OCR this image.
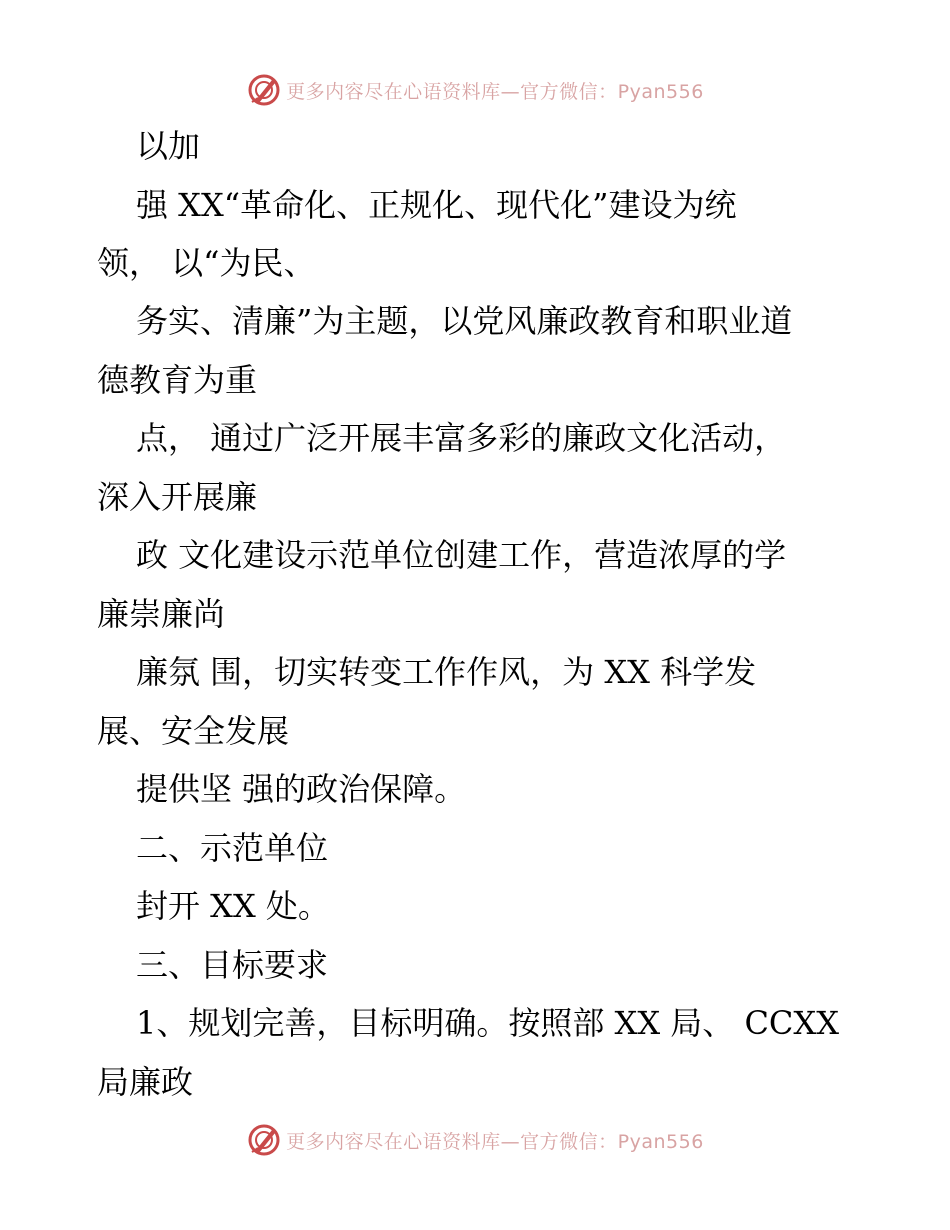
更多内容尽在心语资料库—官方微信：Pyan556
以加
强 XX“革命化、正规化、现代化”建设为统
领， 以“为民、
务实、清廉”为主题，以党风廉政教育和职业道
德教育为重
点， 通过广泛开展丰富多彩的廉政文化活动，
深入开展廉
政 文化建设示范单位创建工作，营造浓厚的学
廉崇廉尚
廉氛 围，切实转变工作作风，为 XX 科学发
展、安全发展
提供坚 强的政治保障。
二、示范单位
封开 XX 处。
三、目标要求
1、规划完善，目标明确。按照部 XX 局、 CCXX
局廉政
更多内容尽在心语资料库—官方微信：Pyan556
